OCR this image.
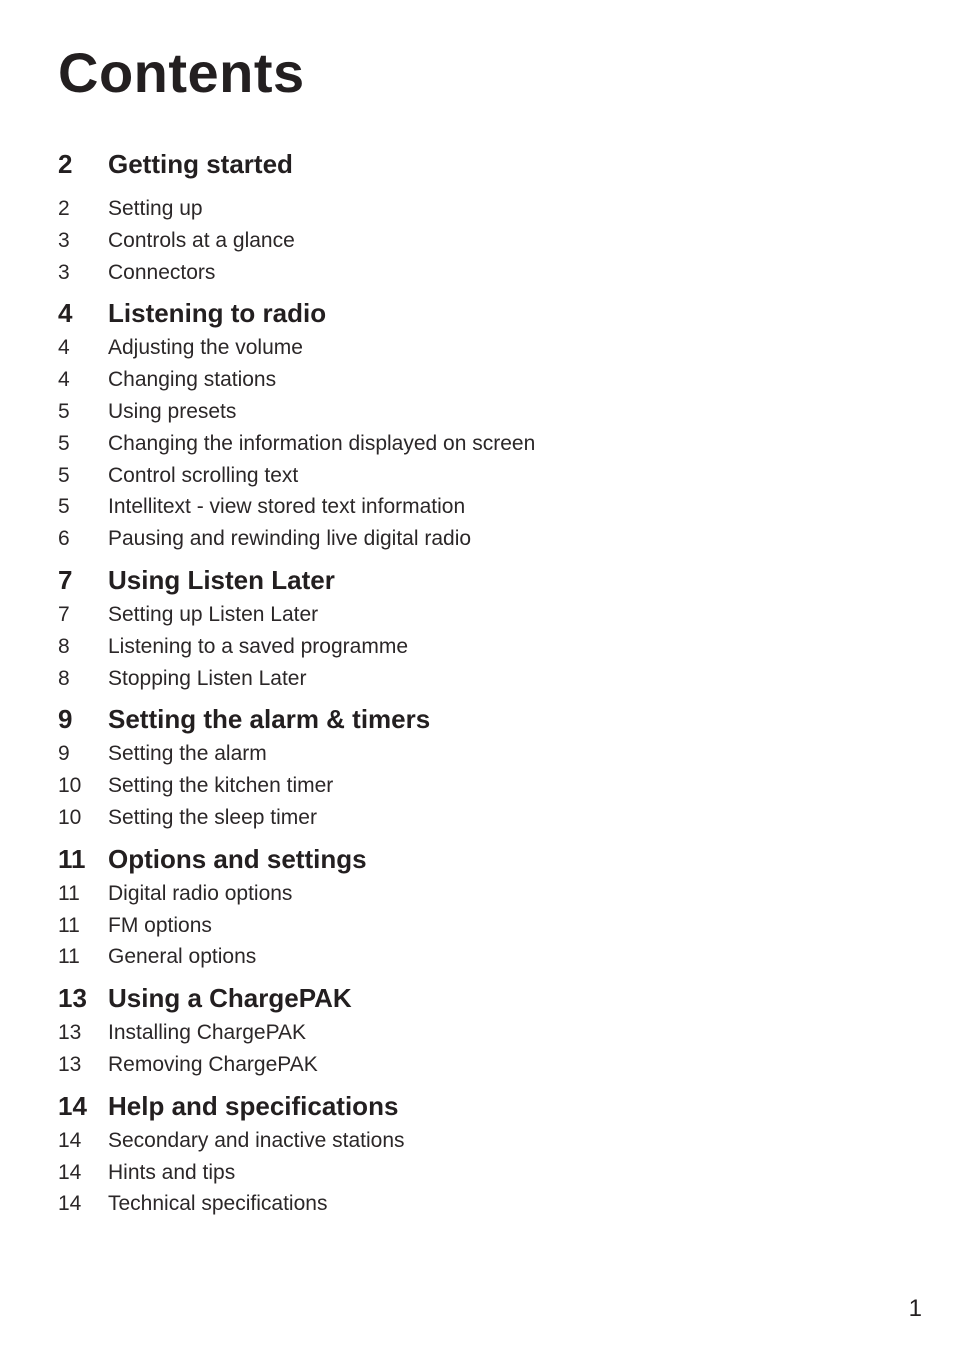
Contents
2	Getting started
2	Setting up
3	Controls at a glance
3	Connectors
4	Listening to radio
4	Adjusting the volume
4	Changing stations
5	Using presets
5	Changing the information displayed on screen
5	Control scrolling text
5	Intellitext - view stored text information
6	Pausing and rewinding live digital radio
7	Using Listen Later
7	Setting up Listen Later
8	Listening to a saved programme
8	Stopping Listen Later
9	Setting the alarm & timers
9	Setting the alarm
10	Setting the kitchen timer
10	Setting the sleep timer
11 Options and settings
11	Digital radio options
11	FM options
11	General options
13 Using a ChargePAK
13	Installing ChargePAK
13	Removing ChargePAK
14 Help and specifications
14	Secondary and inactive stations
14	Hints and tips
14	Technical specifications
1
